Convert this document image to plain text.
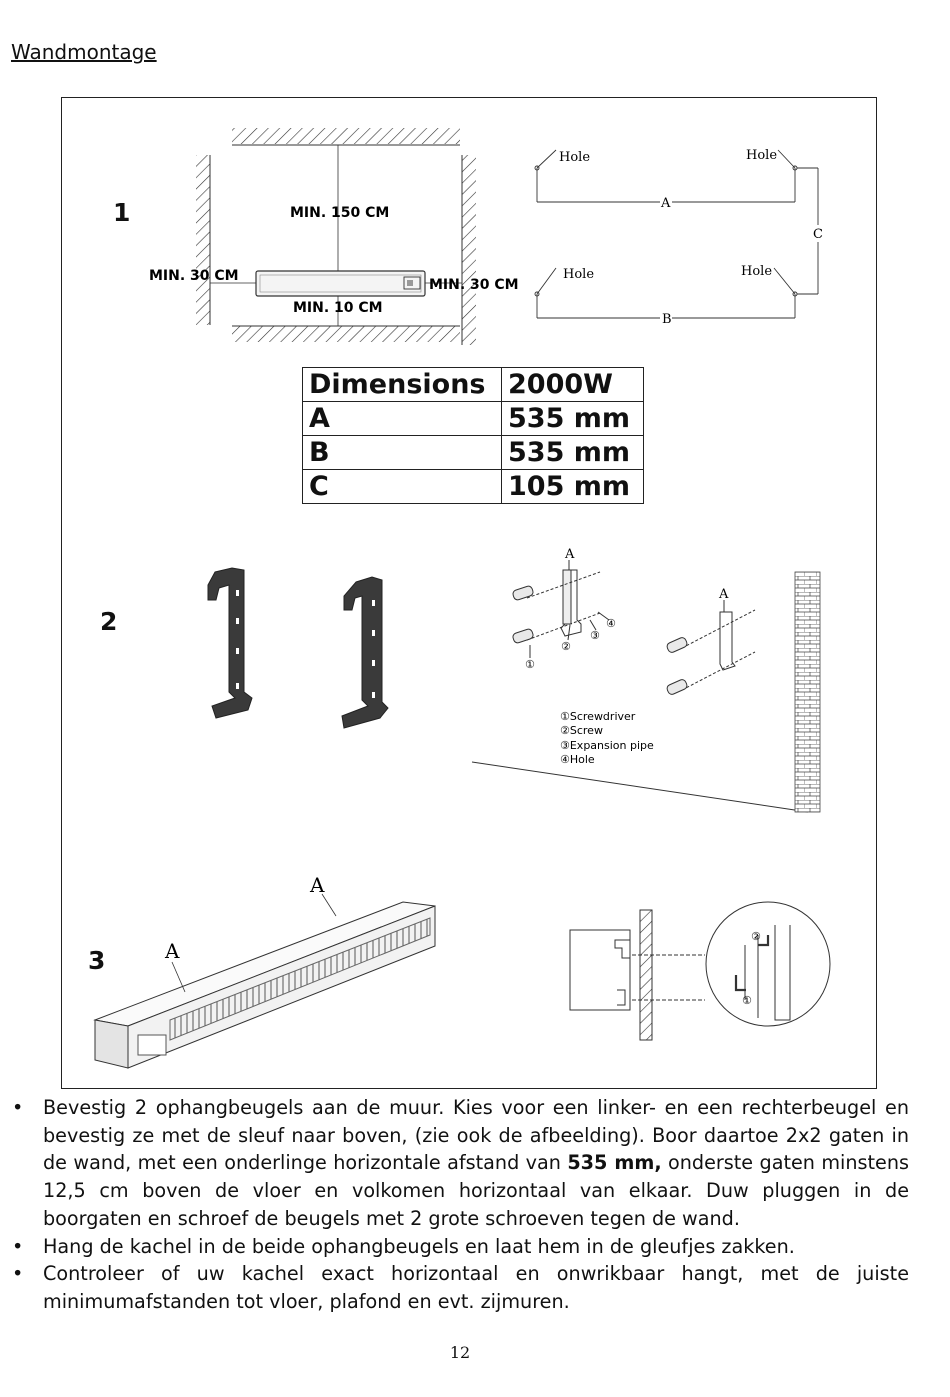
Wandmontage
MIN. 150 CM
MIN. 30 CM
MIN. 30 CM
MIN. 10 CM
Hole	Hole
Hole	Hole
A
B
C
A
A
①
②
③
④
①Screwdriver
②Screw
③Expansion pipe
④Hole
A
A
②
①
1
2
3
Dimensions	2000W
A	535 mm
B	535 mm
C	105 mm
• Bevestig 2 ophangbeugels aan de muur. Kies voor een linker- en een rechterbeugel en bevestig ze met de sleuf naar boven, (zie ook de afbeelding). Boor daartoe 2x2 gaten in de wand, met een onderlinge horizontale afstand van 535 mm, onderste gaten minstens 12,5 cm boven de vloer en volkomen horizontaal van elkaar. Duw pluggen in de boorgaten en schroef de beugels met 2 grote schroeven tegen de wand.
• Hang de kachel in de beide ophangbeugels en laat hem in de gleufjes zakken.
• Controleer of uw kachel exact horizontaal en onwrikbaar hangt, met de juiste minimumafstanden tot vloer, plafond en evt. zijmuren.
12
